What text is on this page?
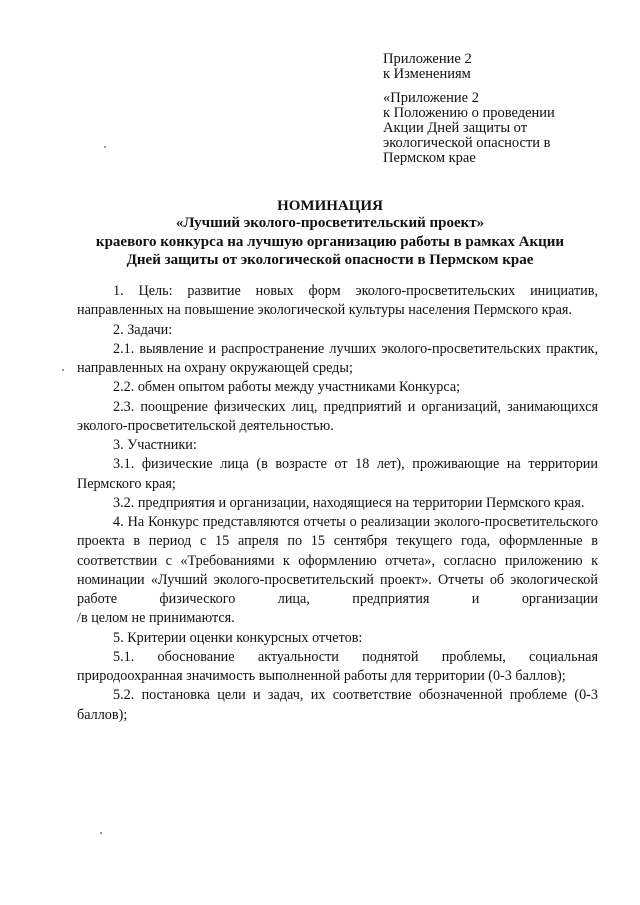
Приложение 2
к Изменениям
«Приложение 2
к Положению о проведении
Акции Дней защиты от
экологической опасности в
Пермском крае
НОМИНАЦИЯ
«Лучший эколого-просветительский проект»
краевого конкурса на лучшую организацию работы в рамках Акции
Дней защиты от экологической опасности в Пермском крае

1. Цель: развитие новых форм эколого-просветительских инициатив, направленных на повышение экологической культуры населения Пермского края.

2. Задачи:

2.1. выявление и распространение лучших эколого-просветительских практик, направленных на охрану окружающей среды;

2.2. обмен опытом работы между участниками Конкурса;

2.3. поощрение физических лиц, предприятий и организаций, занимающихся эколого-просветительской деятельностью.

3. Участники:

3.1. физические лица (в возрасте от 18 лет), проживающие на территории Пермского края;

3.2. предприятия и организации, находящиеся на территории Пермского края.

4. На Конкурс представляются отчеты о реализации эколого-просветительского проекта в период с 15 апреля по 15 сентября текущего года, оформленные в соответствии с «Требованиями к оформлению отчета», согласно приложению к номинации «Лучший эколого-просветительский проект». Отчеты об экологической работе физического лица, предприятия и организации

/в целом не принимаются.

5. Критерии оценки конкурсных отчетов:

5.1. обоснование актуальности поднятой проблемы, социальная природоохранная значимость выполненной работы для территории (0-3 баллов);

5.2. постановка цели и задач, их соответствие обозначенной проблеме (0-3 баллов);
